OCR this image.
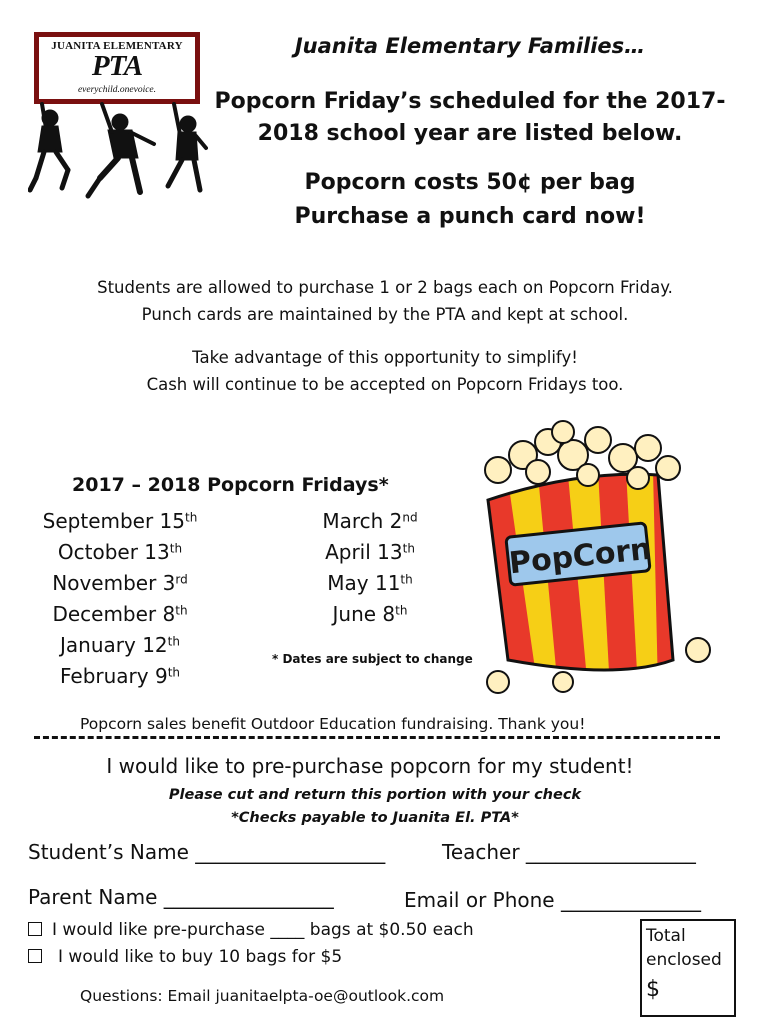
JUANITA ELEMENTARY
PTA
everychild.onevoice.
Juanita Elementary Families…
Popcorn Friday’s scheduled for the 2017-
2018 school year are listed below.
Popcorn costs 50¢ per bag
Purchase a punch card now!
Students are allowed to purchase 1 or 2 bags each on Popcorn Friday.
Punch cards are maintained by the PTA and kept at school.
Take advantage of this opportunity to simplify!
Cash will continue to be accepted on Popcorn Fridays too.
2017 – 2018 Popcorn Fridays*
September 15th
October 13th
November 3rd
December 8th
January 12th
February 9th
March 2nd
April 13th
May 11th
June 8th
* Dates are subject to change
PopCorn
Popcorn sales benefit Outdoor Education fundraising. Thank you!
I would like to pre-purchase popcorn for my student!
Please cut and return this portion with your check
*Checks payable to Juanita El. PTA*
Student’s Name ___________________	Teacher _________________
Parent Name _________________	Email or Phone ______________
I would like pre-purchase ____ bags at $0.50 each
I would like to buy 10 bags for $5
Questions: Email juanitaelpta-oe@outlook.com
Total
enclosed
$
